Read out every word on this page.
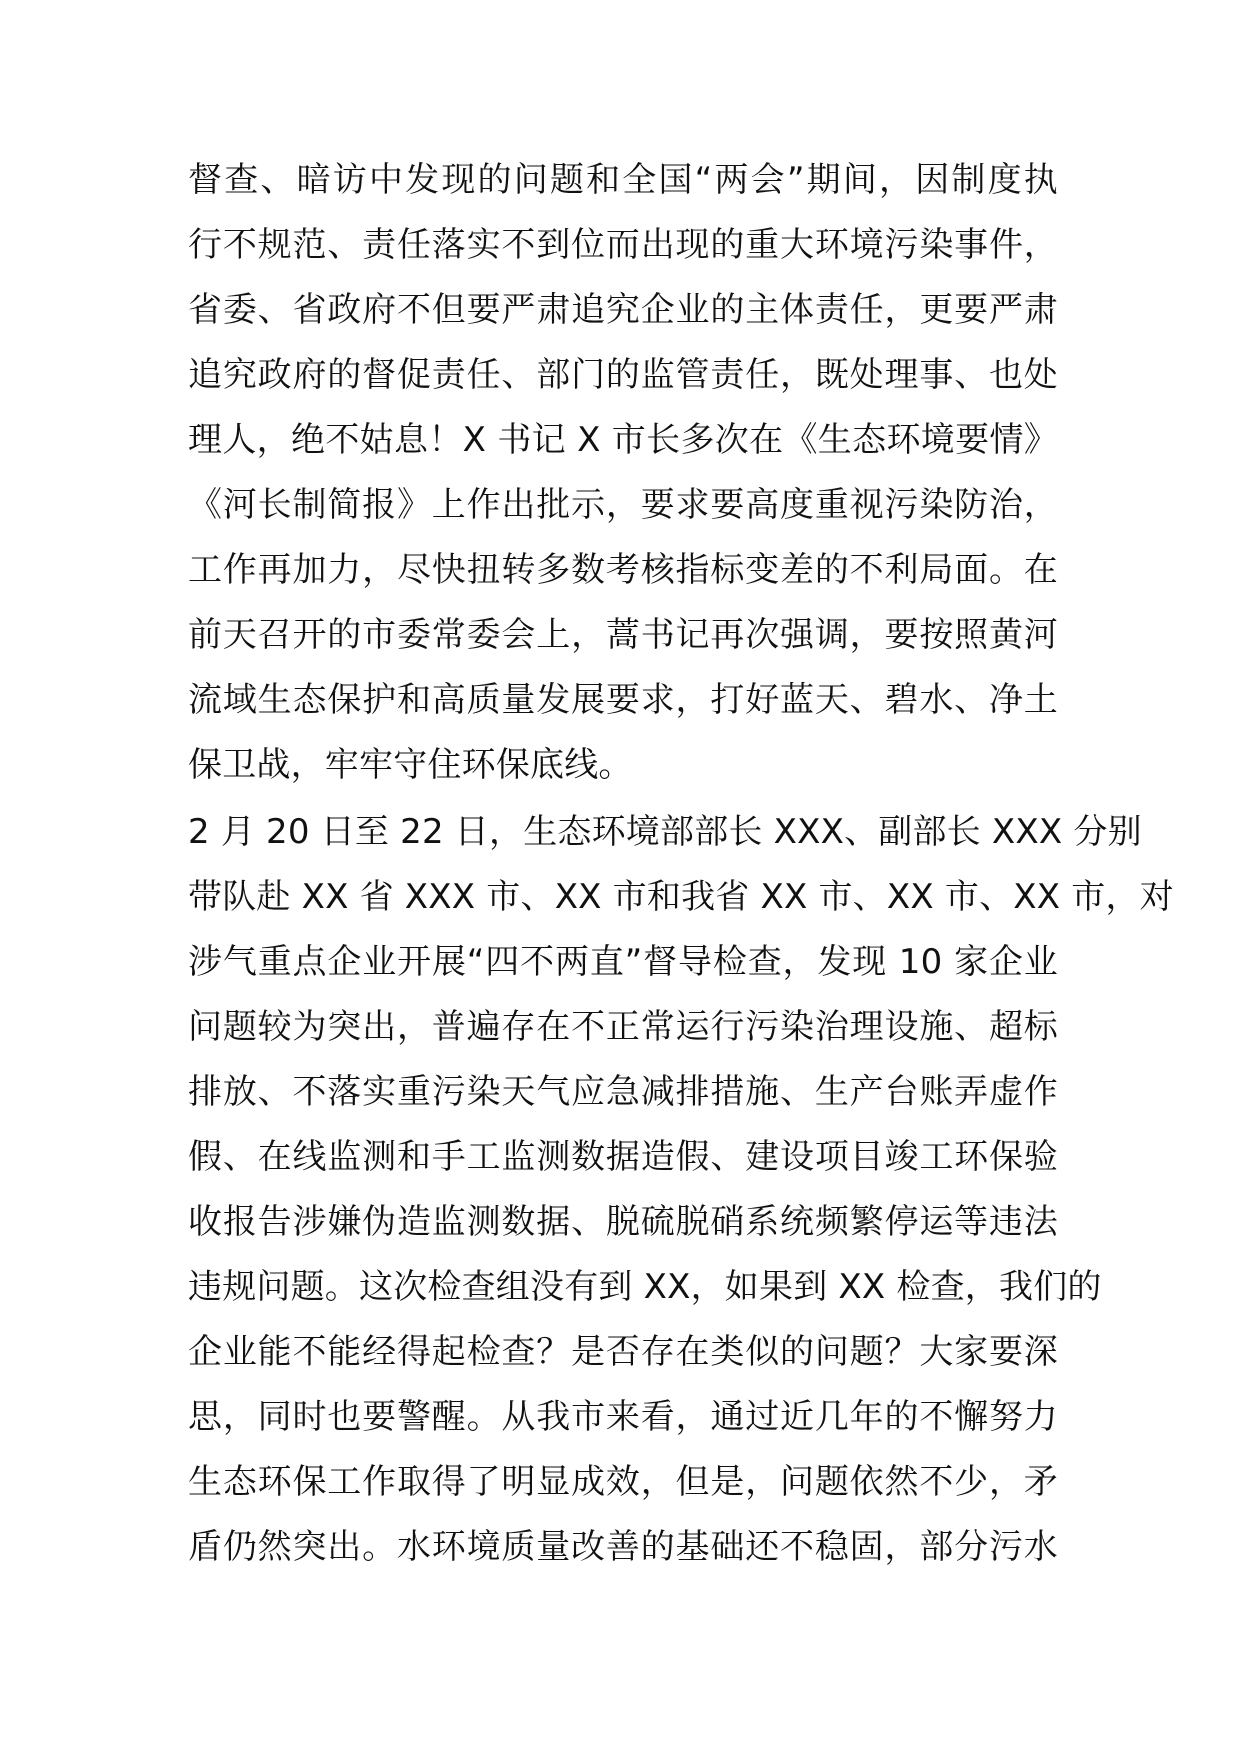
督查、暗访中发现的问题和全国“两会”期间，因制度执
行不规范、责任落实不到位而出现的重大环境污染事件，
省委、省政府不但要严肃追究企业的主体责任，更要严肃
追究政府的督促责任、部门的监管责任，既处理事、也处
理人，绝不姑息！X 书记 X 市长多次在《生态环境要情》
《河长制简报》上作出批示，要求要高度重视污染防治，
工作再加力，尽快扭转多数考核指标变差的不利局面。在
前天召开的市委常委会上，蒿书记再次强调，要按照黄河
流域生态保护和高质量发展要求，打好蓝天、碧水、净土
保卫战，牢牢守住环保底线。
2 月 20 日至 22 日，生态环境部部长 XXX、副部长 XXX 分别
带队赴 XX 省 XXX 市、XX 市和我省 XX 市、XX 市、XX 市，对
涉气重点企业开展“四不两直”督导检查，发现 10 家企业
问题较为突出，普遍存在不正常运行污染治理设施、超标
排放、不落实重污染天气应急减排措施、生产台账弄虚作
假、在线监测和手工监测数据造假、建设项目竣工环保验
收报告涉嫌伪造监测数据、脱硫脱硝系统频繁停运等违法
违规问题。这次检查组没有到 XX，如果到 XX 检查，我们的
企业能不能经得起检查？是否存在类似的问题？大家要深
思，同时也要警醒。从我市来看，通过近几年的不懈努力
生态环保工作取得了明显成效，但是，问题依然不少，矛
盾仍然突出。水环境质量改善的基础还不稳固，部分污水
